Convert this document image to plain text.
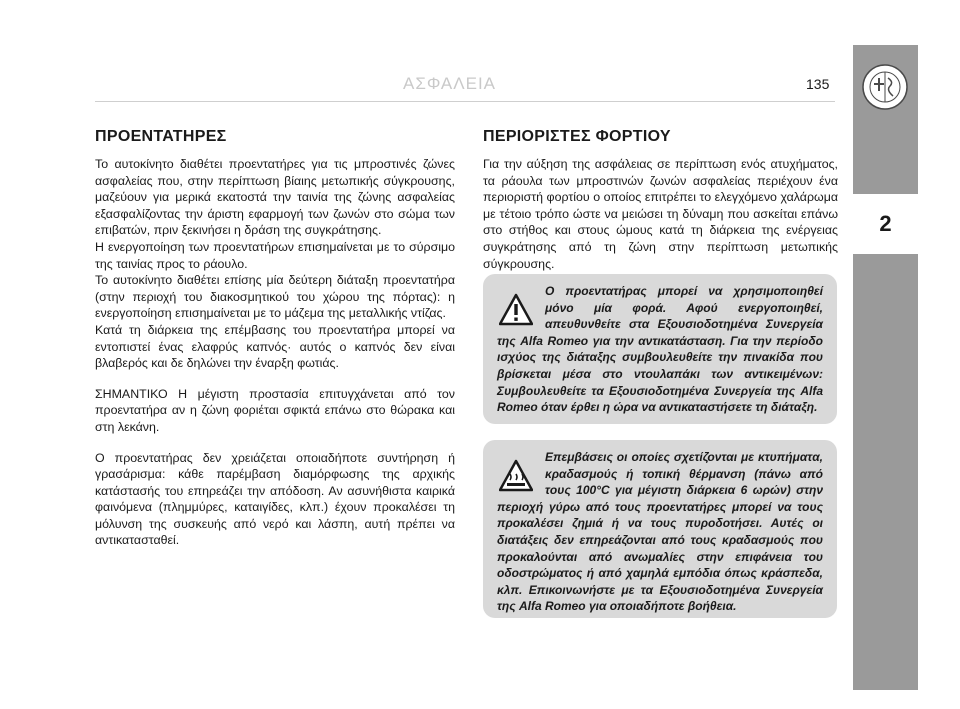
ΑΣΦΑΛΕΙΑ	135
2
ΠΡΟΕΝΤΑΤΗΡΕΣ

Το αυτοκίνητο διαθέτει προεντατήρες για τις μπροστινές ζώνες ασφαλείας που, στην περίπτωση βίαιης μετωπικής σύγκρουσης, μαζεύουν για μερικά εκατοστά την ταινία της ζώνης ασφαλείας εξασφαλίζοντας την άριστη εφαρμογή των ζωνών στο σώμα των επιβατών, πριν ξεκινήσει η δράση της συγκράτησης.

Η ενεργοποίηση των προεντατήρων επισημαίνεται με το σύρσιμο της ταινίας προς το ράουλο.

Το αυτοκίνητο διαθέτει επίσης μία δεύτερη διάταξη προεντατήρα (στην περιοχή του διακοσμητικού του χώρου της πόρτας): η ενεργοποίηση επισημαίνεται με το μάζεμα της μεταλλικής ντίζας.

Κατά τη διάρκεια της επέμβασης του προεντατήρα μπορεί να εντοπιστεί ένας ελαφρύς καπνός· αυτός ο καπνός δεν είναι βλαβερός και δε δηλώνει την έναρξη φωτιάς.

ΣΗΜΑΝΤΙΚΟ Η μέγιστη προστασία επιτυγχάνεται από τον προεντατήρα αν η ζώνη φοριέται σφικτά επάνω στο θώρακα και στη λεκάνη.

Ο προεντατήρας δεν χρειάζεται οποιαδήποτε συντήρηση ή γρασάρισμα: κάθε παρέμβαση διαμόρφωσης της αρχικής κατάστασής του επηρεάζει την απόδοση. Αν ασυνήθιστα καιρικά φαινόμενα (πλημμύρες, καταιγίδες, κλπ.) έχουν προκαλέσει τη μόλυνση της συσκευής από νερό και λάσπη, αυτή πρέπει να αντικατασταθεί.

ΠΕΡΙΟΡΙΣΤΕΣ ΦΟΡΤΙΟΥ

Για την αύξηση της ασφάλειας σε περίπτωση ενός ατυχήματος, τα ράουλα των μπροστινών ζωνών ασφαλείας περιέχουν ένα περιοριστή φορτίου ο οποίος επιτρέπει το ελεγχόμενο χαλάρωμα με τέτοιο τρόπο ώστε να μειώσει τη δύναμη που ασκείται επάνω στο στήθος και στους ώμους κατά τη διάρκεια της ενέργειας συγκράτησης από τη ζώνη στην περίπτωση μετωπικής σύγκρουσης.

Ο προεντατήρας μπορεί να χρησιμοποιηθεί μόνο μία φορά. Αφού ενεργοποιηθεί, απευθυνθείτε στα Εξουσιοδοτημένα Συνεργεία της Alfa Romeo για την αντικατάσταση. Για την περίοδο ισχύος της διάταξης συμβουλευθείτε την πινακίδα που βρίσκεται μέσα στο ντουλαπάκι των αντικειμένων: Συμβουλευθείτε τα Εξουσιοδοτημένα Συνεργεία της Alfa Romeo όταν έρθει η ώρα να αντικαταστήσετε τη διάταξη.

Επεμβάσεις οι οποίες σχετίζονται με κτυπήματα, κραδασμούς ή τοπική θέρμανση (πάνω από τους 100°C για μέγιστη διάρκεια 6 ωρών) στην περιοχή γύρω από τους προεντατήρες μπορεί να τους προκαλέσει ζημιά ή να τους πυροδοτήσει. Αυτές οι διατάξεις δεν επηρεάζονται από τους κραδασμούς που προκαλούνται από ανωμαλίες στην επιφάνεια του οδοστρώματος ή από χαμηλά εμπόδια όπως κράσπεδα, κλπ. Επικοινωνήστε με τα Εξουσιοδοτημένα Συνεργεία της Alfa Romeo για οποιαδήποτε βοήθεια.
